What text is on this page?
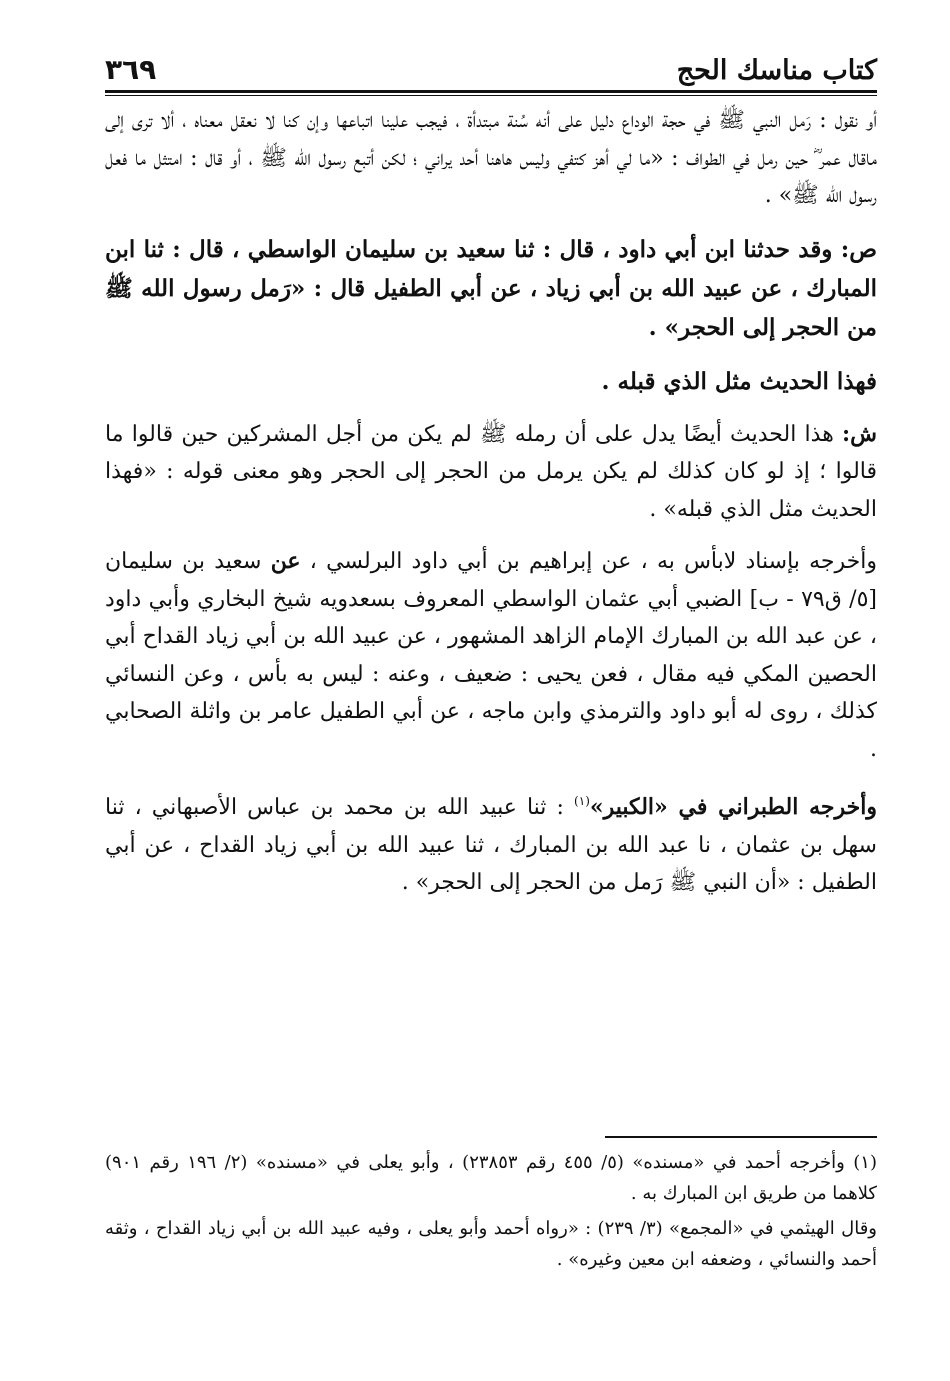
كتاب مناسك الحج
٣٦٩

أو نقول : رَمل النبي ﷺ في حجة الوداع دليل على أنه سُنة مبتدأة ، فيجب علينا اتباعها وإن كنا لا نعقل معناه ، ألا ترى إلى ماقال عمر ؓ حين رمل في الطواف : «ما لي أهز كتفي وليس هاهنا أحد يراني ؛ لكن أتبع رسول الله ﷺ ، أو قال : امتثل ما فعل رسول الله ﷺ» .

ص: وقد حدثنا ابن أبي داود ، قال : ثنا سعيد بن سليمان الواسطي ، قال : ثنا ابن المبارك ، عن عبيد الله بن أبي زياد ، عن أبي الطفيل قال : «رَمل رسول الله ﷺ من الحجر إلى الحجر» .

فهذا الحديث مثل الذي قبله .

ش: هذا الحديث أيضًا يدل على أن رمله ﷺ لم يكن من أجل المشركين حين قالوا ما قالوا ؛ إذ لو كان كذلك لم يكن يرمل من الحجر إلى الحجر وهو معنى قوله : «فهذا الحديث مثل الذي قبله» .

وأخرجه بإسناد لابأس به ، عن إبراهيم بن أبي داود البرلسي ، عن سعيد بن سليمان [٥/ ق٧٩ - ب] الضبي أبي عثمان الواسطي المعروف بسعدويه شيخ البخاري وأبي داود ، عن عبد الله بن المبارك الإمام الزاهد المشهور ، عن عبيد الله بن أبي زياد القداح أبي الحصين المكي فيه مقال ، فعن يحيى : ضعيف ، وعنه : ليس به بأس ، وعن النسائي كذلك ، روى له أبو داود والترمذي وابن ماجه ، عن أبي الطفيل عامر بن واثلة الصحابي .

وأخرجه الطبراني في «الكبير»$^{(١)}$ : ثنا عبيد الله بن محمد بن عباس الأصبهاني ، ثنا سهل بن عثمان ، نا عبد الله بن المبارك ، ثنا عبيد الله بن أبي زياد القداح ، عن أبي الطفيل : «أن النبي ﷺ رَمل من الحجر إلى الحجر» .

(١) وأخرجه أحمد في «مسنده» (٥/ ٤٥٥ رقم ٢٣٨٥٣) ، وأبو يعلى في «مسنده» (٢/ ١٩٦ رقم ٩٠١) كلاهما من طريق ابن المبارك به .

وقال الهيثمي في «المجمع» (٣/ ٢٣٩) : «رواه أحمد وأبو يعلى ، وفيه عبيد الله بن أبي زياد القداح ، وثقه أحمد والنسائي ، وضعفه ابن معين وغيره» .
